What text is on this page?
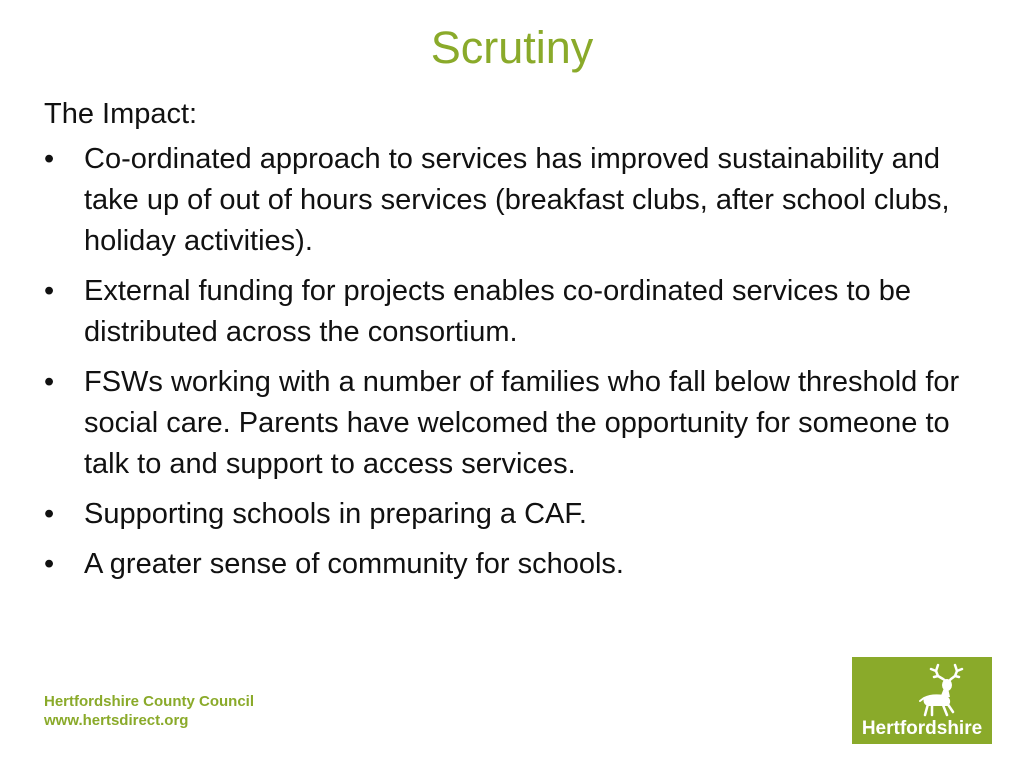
Scrutiny

The Impact:

•	Co-ordinated approach to services has improved sustainability and take up of out of hours services (breakfast clubs, after school clubs, holiday activities).
•	External funding for projects enables co-ordinated services to be distributed across the consortium.
•	FSWs working with a number of families who fall below threshold for social care. Parents have welcomed the opportunity for someone to talk to and support to access services.
•	Supporting schools in preparing a CAF.
•	A greater sense of community for schools.
Hertfordshire County Council
www.hertsdirect.org	Hertfordshire
